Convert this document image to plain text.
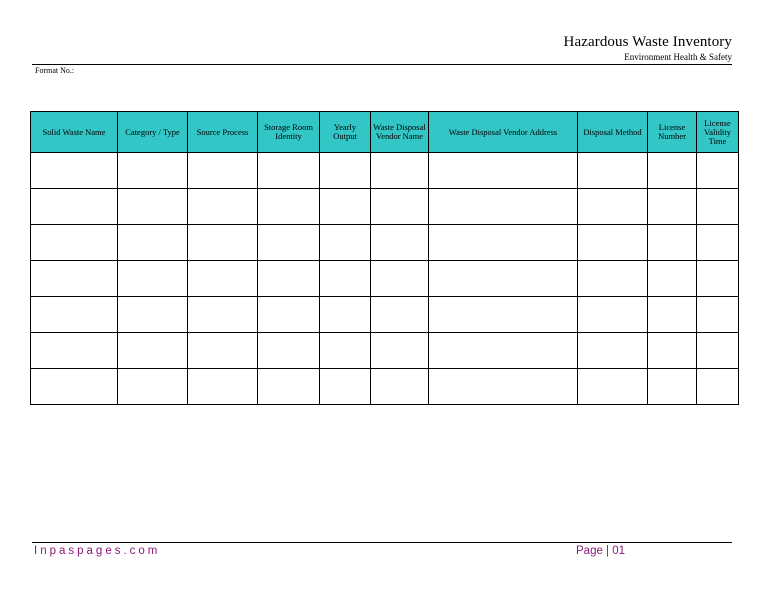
Hazardous Waste Inventory
Environment Health & Safety
Format No.:
Solid Waste Name	Category / Type	Source Process	Storage Room Identity	Yearly Output	Waste Disposal Vendor Name	Waste Disposal Vendor Address	Disposal Method	License Number	License Validity Time

Inpaspages.com	Page | 01
